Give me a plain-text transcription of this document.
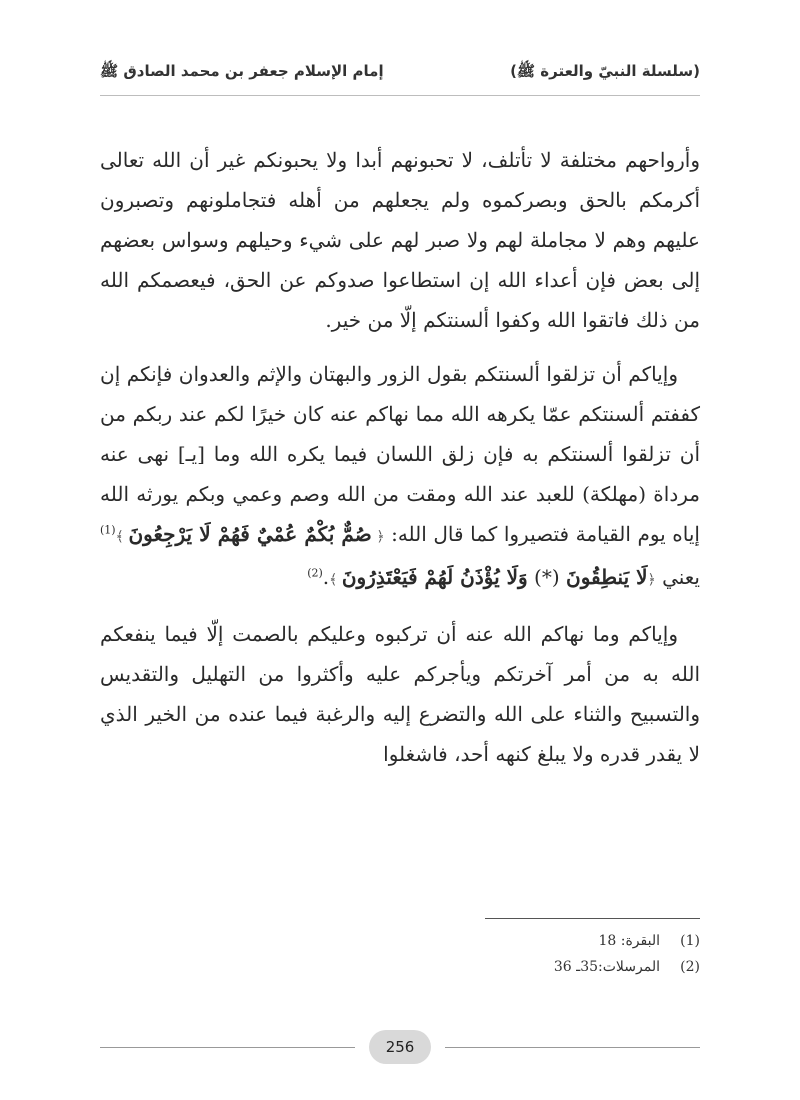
(سلسلة النبيّ والعترة ﷺ)
إمام الإسلام جعفر بن محمد الصادق ﷺ

وأرواحهم مختلفة لا تأتلف، لا تحبونهم أبدا ولا يحبونكم غير أن الله تعالى أكرمكم بالحق وبصركموه ولم يجعلهم من أهله فتجاملونهم وتصبرون عليهم وهم لا مجاملة لهم ولا صبر لهم على شيء وحيلهم وسواس بعضهم إلى بعض فإن أعداء الله إن استطاعوا صدوكم عن الحق، فيعصمكم الله من ذلك فاتقوا الله وكفوا ألسنتكم إلّا من خير.

وإياكم أن تزلقوا ألسنتكم بقول الزور والبهتان والإثم والعدوان فإنكم إن كففتم ألسنتكم عمّا يكرهه الله مما نهاكم عنه كان خيرًا لكم عند ربكم من أن تزلقوا ألسنتكم به فإن زلق اللسان فيما يكره الله وما [يـ] نهى عنه مرداة (مهلكة) للعبد عند الله ومقت من الله وصم وعمي وبكم يورثه الله إياه يوم القيامة فتصيروا كما قال الله: ﴿ صُمٌّ بُكْمٌ عُمْيٌ فَهُمْ لَا يَرْجِعُونَ ﴾$^{(1)}$ يعني ﴿لَا يَنطِقُونَ (*) وَلَا يُؤْذَنُ لَهُمْ فَيَعْتَذِرُونَ ﴾.$^{(2)}$

وإياكم وما نهاكم الله عنه أن تركبوه وعليكم بالصمت إلّا فيما ينفعكم الله به من أمر آخرتكم ويأجركم عليه وأكثروا من التهليل والتقديس والتسبيح والثناء على الله والتضرع إليه والرغبة فيما عنده من الخير الذي لا يقدر قدره ولا يبلغ كنهه أحد، فاشغلوا

(1)
البقرة: 18
(2)
المرسلات:35ـ 36
256
